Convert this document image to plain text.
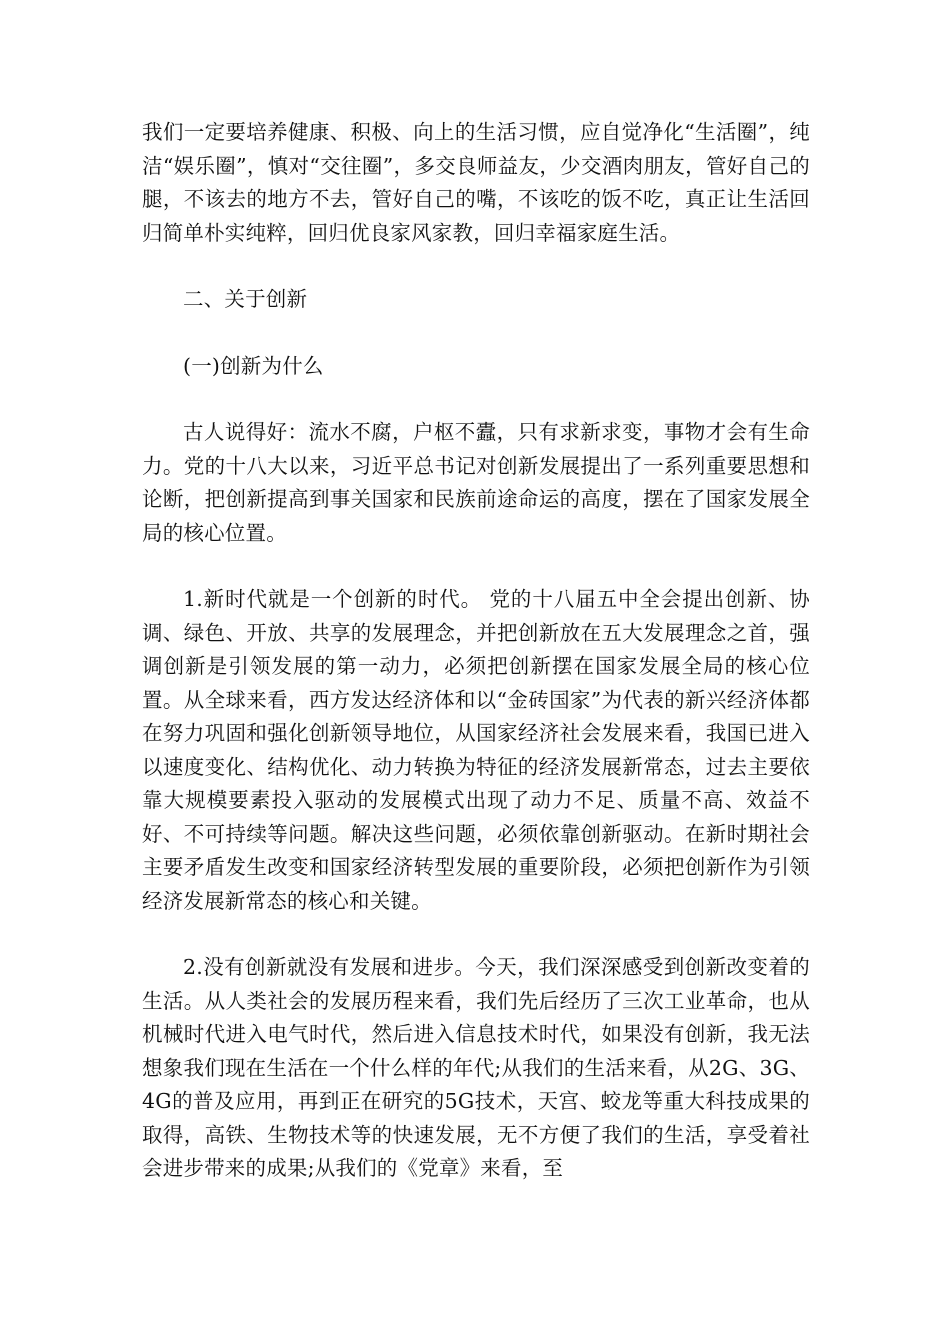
我们一定要培养健康、积极、向上的生活习惯，应自觉净化“生活圈”，纯洁“娱乐圈”，慎对“交往圈”，多交良师益友，少交酒肉朋友，管好自己的腿，不该去的地方不去，管好自己的嘴，不该吃的饭不吃，真正让生活回归简单朴实纯粹，回归优良家风家教，回归幸福家庭生活。

二、关于创新

(一)创新为什么

古人说得好：流水不腐，户枢不蠹，只有求新求变，事物才会有生命力。党的十八大以来，习近平总书记对创新发展提出了一系列重要思想和论断，把创新提高到事关国家和民族前途命运的高度，摆在了国家发展全局的核心位置。

1.新时代就是一个创新的时代。 党的十八届五中全会提出创新、协调、绿色、开放、共享的发展理念，并把创新放在五大发展理念之首，强调创新是引领发展的第一动力，必须把创新摆在国家发展全局的核心位置。从全球来看，西方发达经济体和以“金砖国家”为代表的新兴经济体都在努力巩固和强化创新领导地位，从国家经济社会发展来看，我国已进入以速度变化、结构优化、动力转换为特征的经济发展新常态，过去主要依靠大规模要素投入驱动的发展模式出现了动力不足、质量不高、效益不好、不可持续等问题。解决这些问题，必须依靠创新驱动。在新时期社会主要矛盾发生改变和国家经济转型发展的重要阶段，必须把创新作为引领经济发展新常态的核心和关键。

2.没有创新就没有发展和进步。今天，我们深深感受到创新改变着的生活。从人类社会的发展历程来看，我们先后经历了三次工业革命，也从机械时代进入电气时代，然后进入信息技术时代，如果没有创新，我无法想象我们现在生活在一个什么样的年代;从我们的生活来看，从2G、3G、4G的普及应用，再到正在研究的5G技术，天宫、蛟龙等重大科技成果的取得，高铁、生物技术等的快速发展，无不方便了我们的生活，享受着社会进步带来的成果;从我们的《党章》来看，至
